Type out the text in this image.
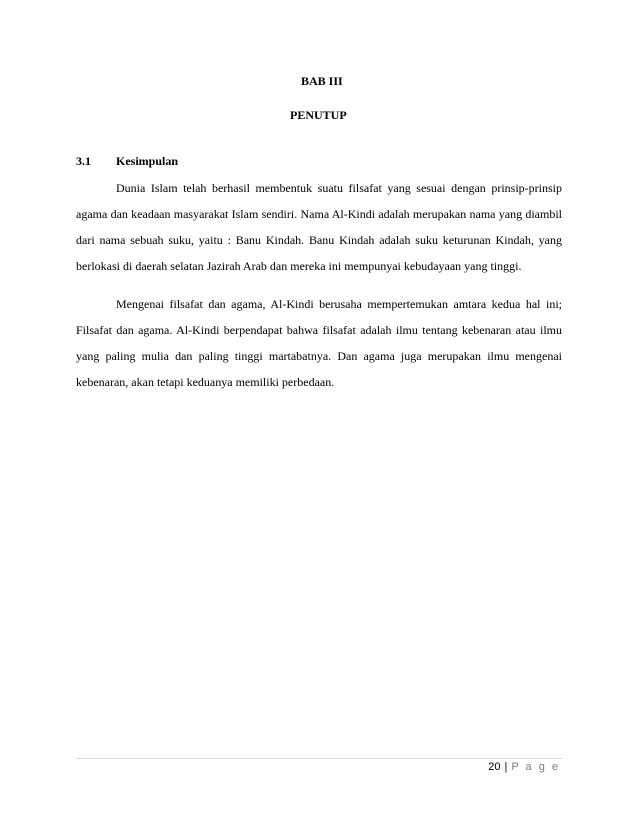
BAB III
PENUTUP
3.1 Kesimpulan

Dunia Islam telah berhasil membentuk suatu filsafat yang sesuai dengan prinsip-prinsip agama dan keadaan masyarakat Islam sendiri. Nama Al-Kindi adalah merupakan nama yang diambil dari nama sebuah suku, yaitu : Banu Kindah. Banu Kindah adalah suku keturunan Kindah, yang berlokasi di daerah selatan Jazirah Arab dan mereka ini mempunyai kebudayaan yang tinggi.

Mengenai filsafat dan agama, Al-Kindi berusaha mempertemukan amtara kedua hal ini; Filsafat dan agama. Al-Kindi berpendapat bahwa filsafat adalah ilmu tentang kebenaran atau ilmu yang paling mulia dan paling tinggi martabatnya. Dan agama juga merupakan ilmu mengenai kebenaran, akan tetapi keduanya memiliki perbedaan.

20 | P a g e
